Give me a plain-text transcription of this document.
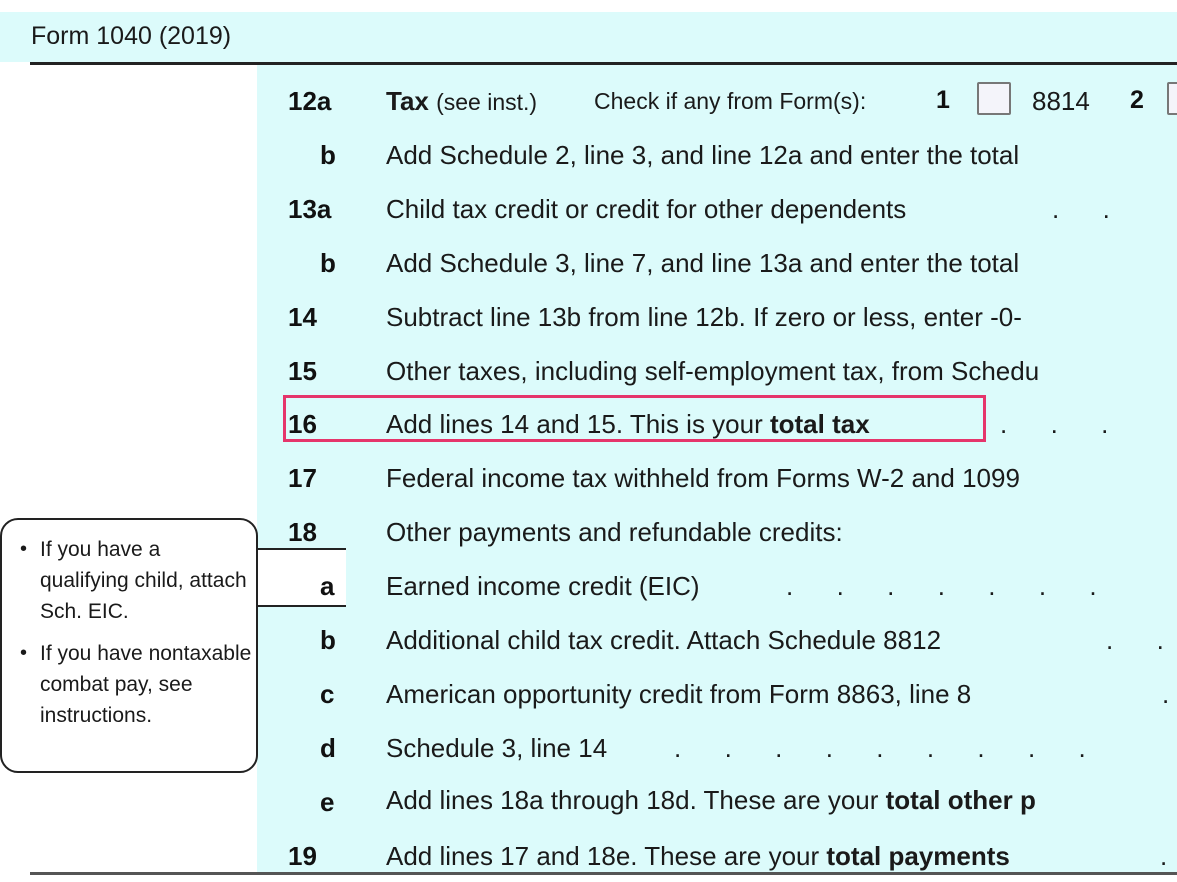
Form 1040 (2019)
12a Tax (see inst.) Check if any from Form(s):	1	8814 2
b Add Schedule 2, line 3, and line 12a and enter the total
13a Child tax credit or credit for other dependents	.      .
b Add Schedule 3, line 7, and line 13a and enter the total
14	Subtract line 13b from line 12b. If zero or less, enter -0-
15	Other taxes, including self-employment tax, from Schedu
16	Add lines 14 and 15. This is your total tax	.      .      .
17	Federal income tax withheld from Forms W-2 and 1099
18	Other payments and refundable credits:
a Earned income credit (EIC)	.      .      .      .      .      .      .
b Additional child tax credit. Attach Schedule 8812	.      .
c American opportunity credit from Form 8863, line 8	.
d Schedule 3, line 14	.      .      .      .      .      .      .      .      .
e Add lines 18a through 18d. These are your total other p
19	Add lines 17 and 18e. These are your total payments	.
• If you have a qualifying child, attach Sch. EIC.
• If you have nontaxable combat pay, see instructions.
